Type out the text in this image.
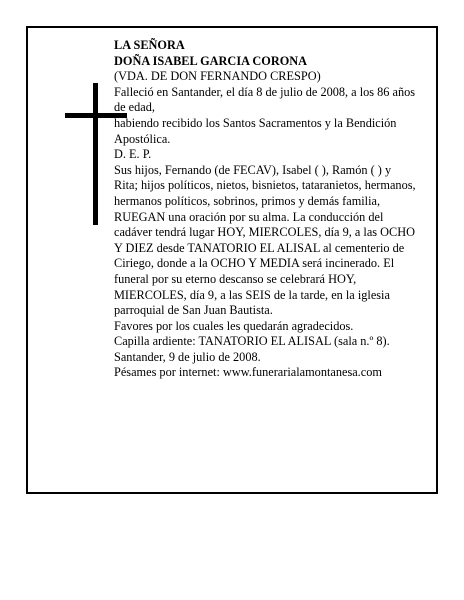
LA SEÑORA

DOÑA ISABEL GARCIA CORONA

(VDA. DE DON FERNANDO CRESPO)

Falleció en Santander, el día 8 de julio de 2008, a los 86 años de edad,

habiendo recibido los Santos Sacramentos y la Bendición Apostólica.

D. E. P.

Sus hijos, Fernando (de FECAV), Isabel ( ), Ramón ( ) y Rita; hijos políticos, nietos, bisnietos, tataranietos, hermanos, hermanos políticos, sobrinos, primos y demás familia,

RUEGAN una oración por su alma. La conducción del cadáver tendrá lugar HOY, MIERCOLES, día 9, a las OCHO Y DIEZ desde TANATORIO EL ALISAL al cementerio de Ciriego, donde a la OCHO Y MEDIA será incinerado. El funeral por su eterno descanso se celebrará HOY, MIERCOLES, día 9, a las SEIS de la tarde, en la iglesia parroquial de San Juan Bautista.

Favores por los cuales les quedarán agradecidos.

Capilla ardiente: TANATORIO EL ALISAL (sala n.º 8).

Santander, 9 de julio de 2008.

Pésames por internet: www.funerarialamontanesa.com
